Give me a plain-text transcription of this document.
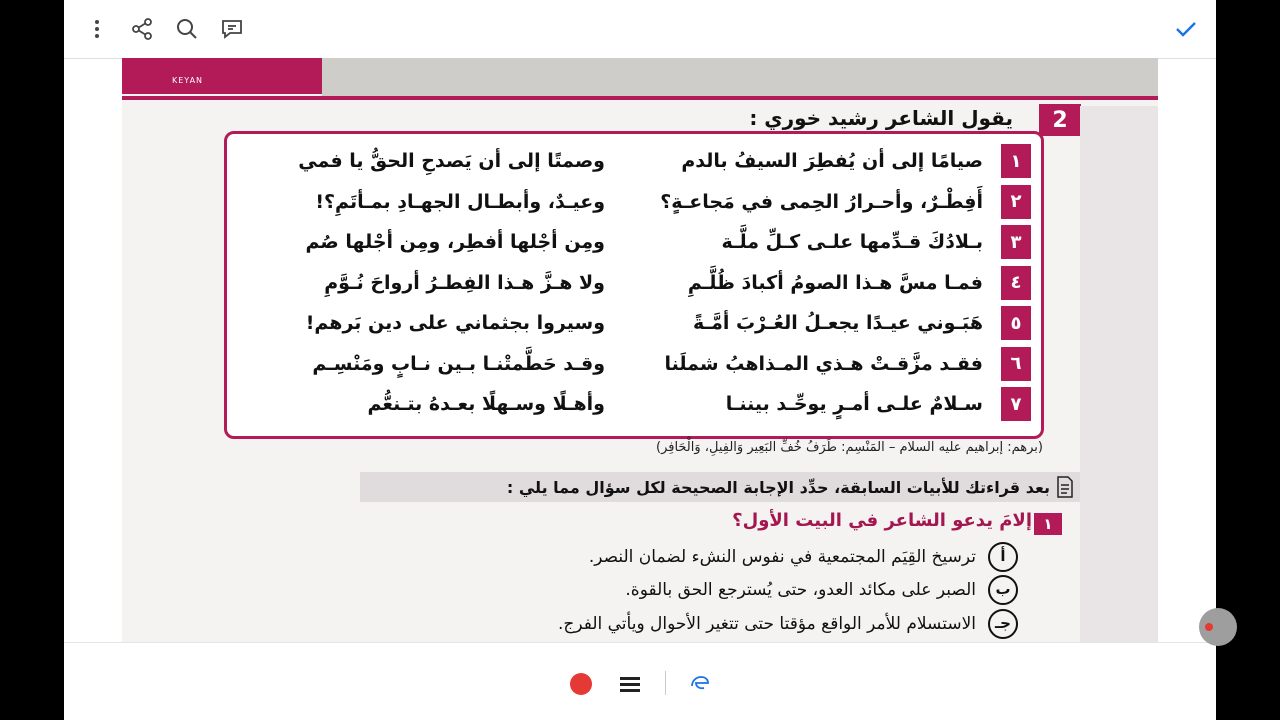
KEYAN
2
يقول الشاعر رشيد خوري :
١
٢
٣
٤
٥
٦
٧
صيامًا إلى أن يُفطِرَ السيفُ بالدم
أَفِطْـرٌ، وأحـرارُ الحِمى في مَجاعـةٍ؟
بـلادُكَ قـدِّمها علـى كـلِّ ملَّـة
فمـا مسَّ هـذا الصومُ أكبادَ ظُلَّـمِ
هَبَـوني عيـدًا يجعـلُ العُـرْبَ أمَّـةً
فقـد مزَّقـتْ هـذي المـذاهبُ شملَنا
سـلامٌ علـى أمـرٍ يوحِّـد بيننـا
وصمتًا إلى أن يَصدحِ الحقُّ يا فمي
وعيـدٌ، وأبطـال الجهـادِ بمـأتَمِ؟!
ومِن أجْلها أفطِر، ومِن أجْلها صُم
ولا هـزَّ هـذا الفِطـرُ أرواحَ نُـوَّمِ
وسيروا بجثماني على دين بَرهم!
وقـد حَطَّمتْنـا بـين نـابٍ ومَنْسِـم
وأهـلًا وسـهلًا بعـدهُ بتـنعُّم
(برهم: إبراهيم عليه السلام – المَنْسِم: طَرَفُ خُفِّ البَعِير وَالفِيلِ، وَالْحَافِر)
بعد قراءتك للأبيات السابقة، حدِّد الإجابة الصحيحة لكل سؤال مما يلي :
١
إلامَ يدعو الشاعر في البيت الأول؟
أترسيخ القِيَم المجتمعية في نفوس النشء لضمان النصر.
بالصبر على مكائد العدو، حتى يُسترجع الحق بالقوة.
جـالاستسلام للأمر الواقع مؤقتا حتى تتغير الأحوال ويأتي الفرج.
